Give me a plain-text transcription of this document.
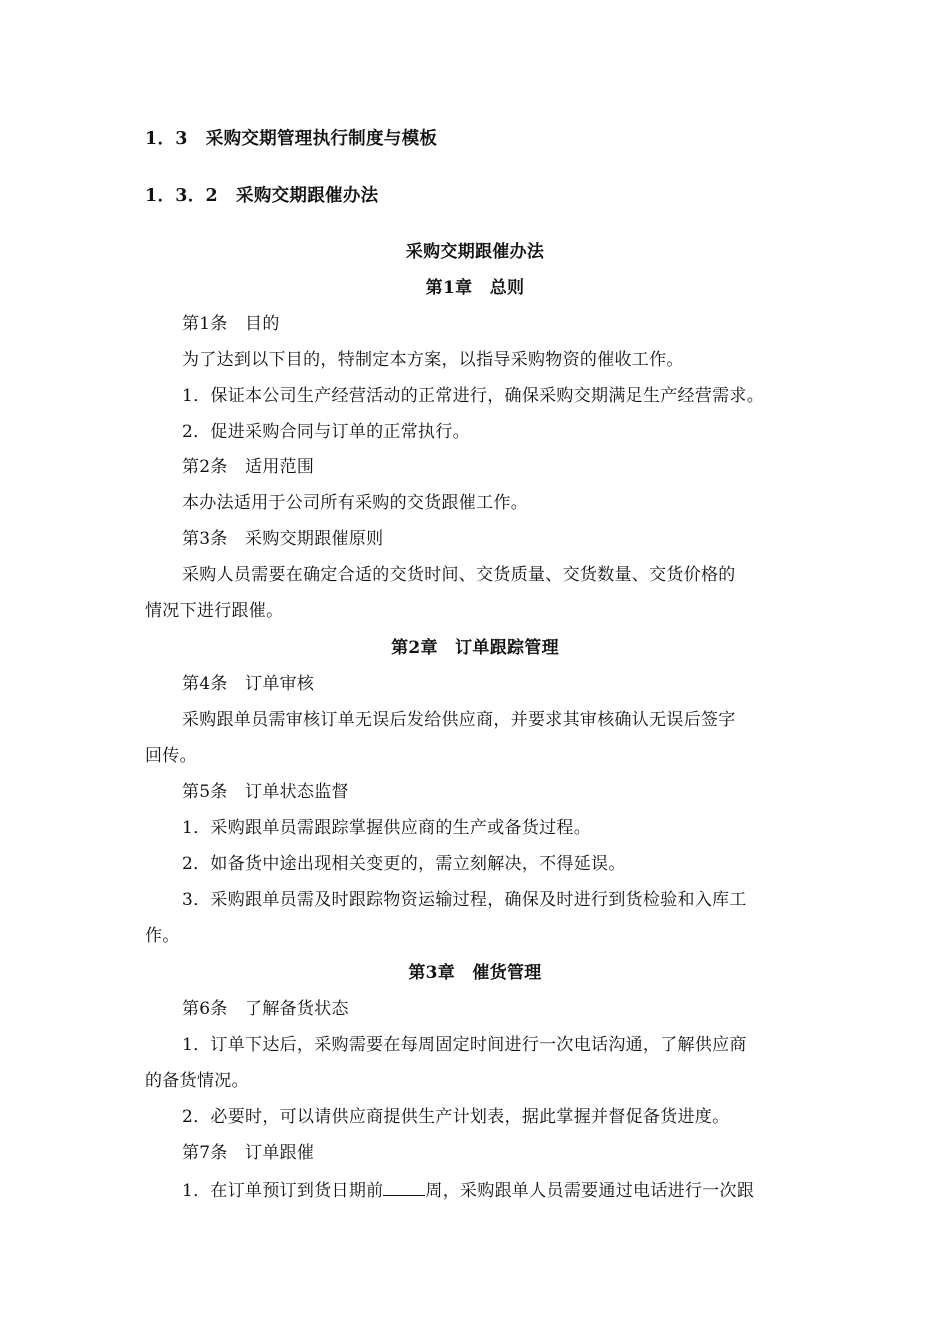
1．3 采购交期管理执行制度与模板
1．3．2 采购交期跟催办法
采购交期跟催办法
第1章　总则
第1条　目的
为了达到以下目的，特制定本方案，以指导采购物资的催收工作。
1．保证本公司生产经营活动的正常进行，确保采购交期满足生产经营需求。
2．促进采购合同与订单的正常执行。
第2条　适用范围
本办法适用于公司所有采购的交货跟催工作。
第3条　采购交期跟催原则
采购人员需要在确定合适的交货时间、交货质量、交货数量、交货价格的
情况下进行跟催。
第2章　订单跟踪管理
第4条　订单审核
采购跟单员需审核订单无误后发给供应商，并要求其审核确认无误后签字
回传。
第5条　订单状态监督
1．采购跟单员需跟踪掌握供应商的生产或备货过程。
2．如备货中途出现相关变更的，需立刻解决，不得延误。
3．采购跟单员需及时跟踪物资运输过程，确保及时进行到货检验和入库工
作。
第3章　催货管理
第6条　了解备货状态
1．订单下达后，采购需要在每周固定时间进行一次电话沟通，了解供应商
的备货情况。
2．必要时，可以请供应商提供生产计划表，据此掌握并督促备货进度。
第7条　订单跟催
1．在订单预订到货日期前 周，采购跟单人员需要通过电话进行一次跟
